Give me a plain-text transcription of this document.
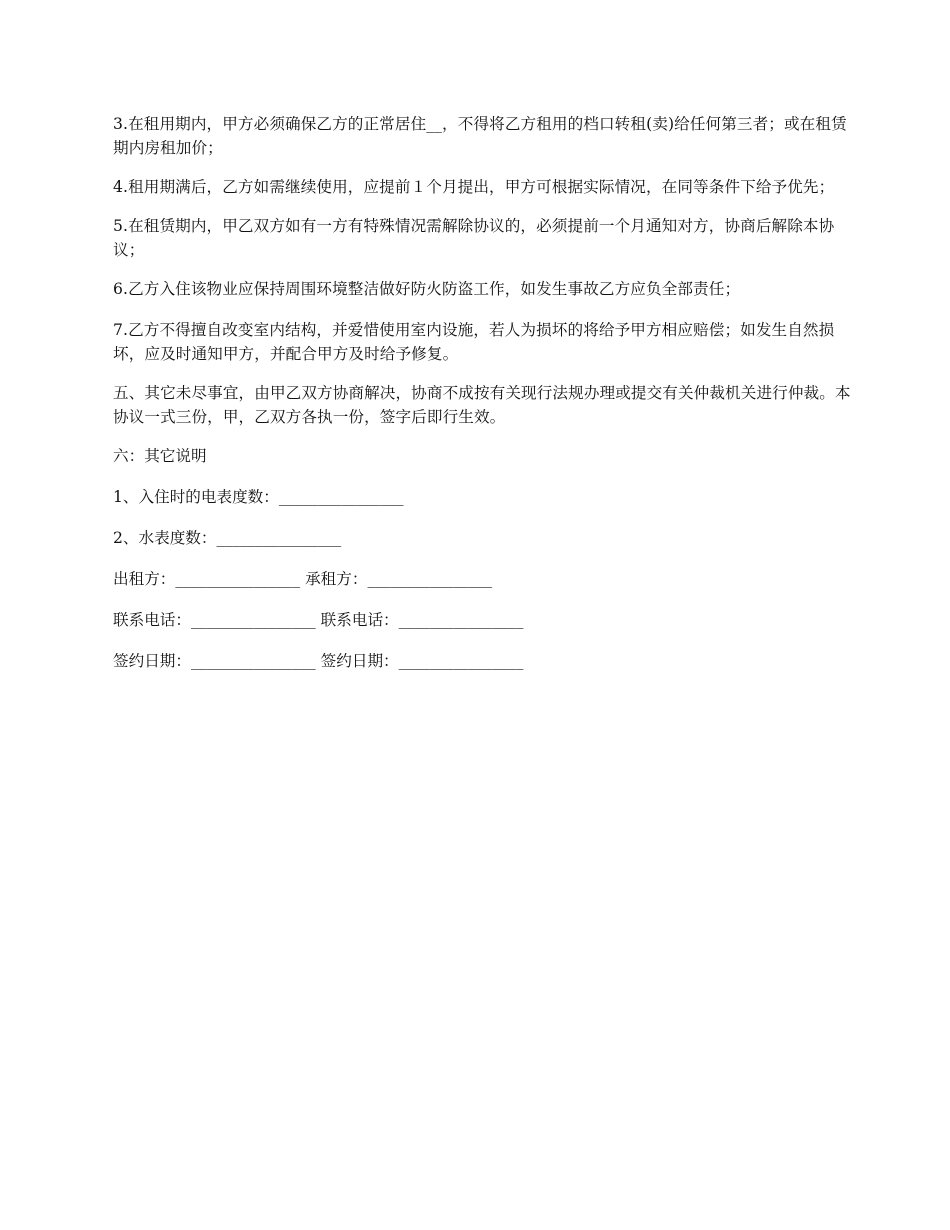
3.在租用期内，甲方必须确保乙方的正常居住__，不得将乙方租用的档口转租(卖)给任何第三者；或在租赁期内房租加价；

4.租用期满后，乙方如需继续使用，应提前１个月提出，甲方可根据实际情况，在同等条件下给予优先；

5.在租赁期内，甲乙双方如有一方有特殊情况需解除协议的，必须提前一个月通知对方，协商后解除本协议；

6.乙方入住该物业应保持周围环境整洁做好防火防盗工作，如发生事故乙方应负全部责任；

7.乙方不得擅自改变室内结构，并爱惜使用室内设施，若人为损坏的将给予甲方相应赔偿；如发生自然损坏，应及时通知甲方，并配合甲方及时给予修复。

五、其它未尽事宜，由甲乙双方协商解决，协商不成按有关现行法规办理或提交有关仲裁机关进行仲裁。本协议一式三份，甲，乙双方各执一份，签字后即行生效。

六：其它说明

1、入住时的电表度数：________________

2、水表度数：________________

出租方：________________ 承租方：________________

联系电话：________________ 联系电话：________________

签约日期：________________ 签约日期：________________
